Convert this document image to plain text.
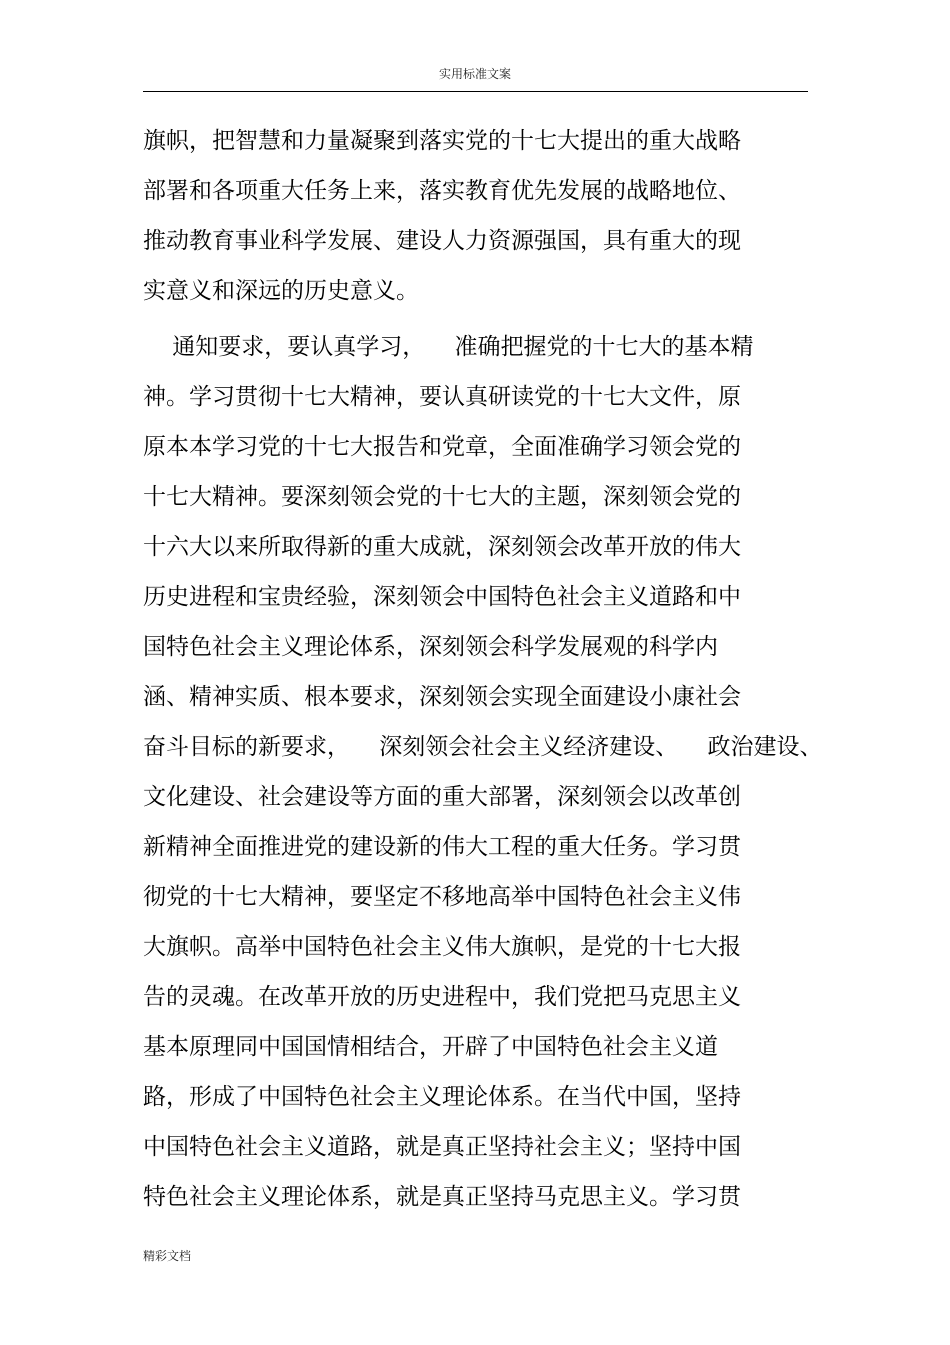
实用标准文案
旗帜，把智慧和力量凝聚到落实党的十七大提出的重大战略
部署和各项重大任务上来，落实教育优先发展的战略地位、
推动教育事业科学发展、建设人力资源强国，具有重大的现
实意义和深远的历史意义。
通知要求，要认真学习，    准确把握党的十七大的基本精
神。学习贯彻十七大精神，要认真研读党的十七大文件，原
原本本学习党的十七大报告和党章，全面准确学习领会党的
十七大精神。要深刻领会党的十七大的主题，深刻领会党的
十六大以来所取得新的重大成就，深刻领会改革开放的伟大
历史进程和宝贵经验，深刻领会中国特色社会主义道路和中
国特色社会主义理论体系，深刻领会科学发展观的科学内
涵、精神实质、根本要求，深刻领会实现全面建设小康社会
奋斗目标的新要求，    深刻领会社会主义经济建设、    政治建设、
文化建设、社会建设等方面的重大部署，深刻领会以改革创
新精神全面推进党的建设新的伟大工程的重大任务。学习贯
彻党的十七大精神，要坚定不移地高举中国特色社会主义伟
大旗帜。高举中国特色社会主义伟大旗帜，是党的十七大报
告的灵魂。在改革开放的历史进程中，我们党把马克思主义
基本原理同中国国情相结合，开辟了中国特色社会主义道
路，形成了中国特色社会主义理论体系。在当代中国，坚持
中国特色社会主义道路，就是真正坚持社会主义；坚持中国
特色社会主义理论体系，就是真正坚持马克思主义。学习贯
精彩文档
